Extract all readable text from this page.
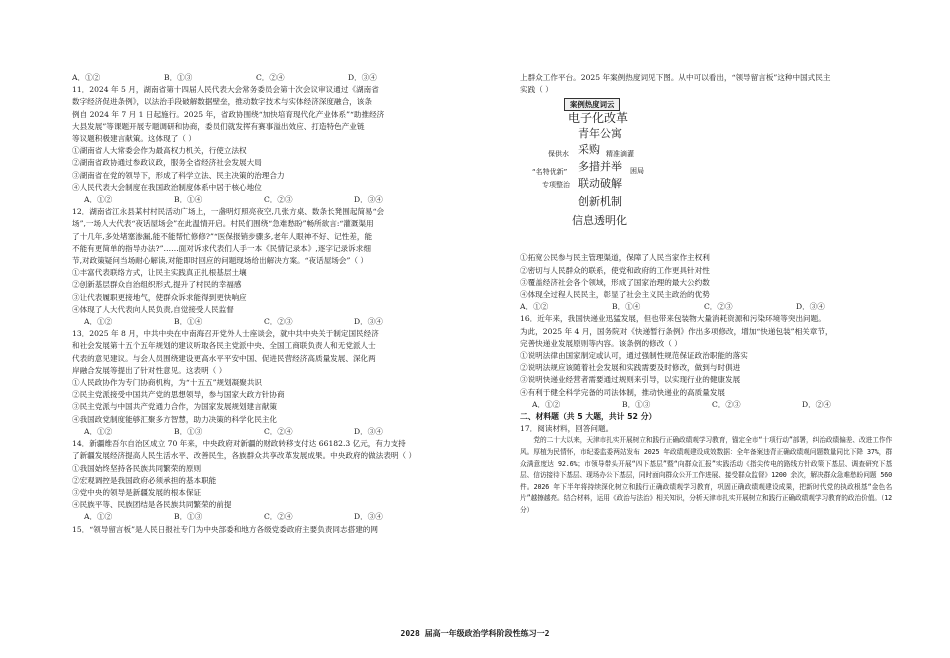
A．①②	B．①③	C．②④	D．③④
11．2024 年 5 月，湖南省第十四届人民代表大会常务委员会第十次会议审议通过《湖南省
数字经济促进条例》，以法治手段破解数据壁垒，推动数字技术与实体经济深度融合，该条
例自 2024 年 7 月 1 日起施行。2025 年，省政协围绕“加快培育现代化产业体系”“助推经济
大县发展”等课题开展专题调研和协商，委员们就发挥有赛事溢出效应、打造特色产业链
等议题积极建言献策。这体现了（ ）
①湖南省人大常委会作为最高权力机关，行使立法权
②湖南省政协通过参政议政，服务全省经济社会发展大局
③湖南省在党的领导下，形成了科学立法、民主决策的治理合力
④人民代表大会制度在我国政治制度体系中居于核心地位
A．①②	B．①④	C．②③	D．③④
12．湖南省江永县某村村民活动广场上，一盏明灯照亮夜空,几张方桌、数条长凳围起简易“会
场”,一场人大代表“夜话屋场会”在此温情开启。村民们围绕“急难愁盼”畅所欲言:“灌溉渠用
了十几年,多处堵塞渗漏,能不能帮忙修修?”“医保报销步骤多,老年人眼神不好、记性差，能
不能有更简单的指导办法?”……面对诉求代表们人手一本《民情记录本》,逐字记录诉求细
节,对政策疑问当场耐心解读,对能即时回应的问题现场给出解决方案。“夜话屋场会”（ ）
①丰富代表联络方式，让民主实践真正扎根基层土壤
②创新基层群众自治组织形式,提升了村民的幸福感
③让代表履职更接地气，使群众诉求能得到更快响应
④体现了人大代表向人民负责,自觉接受人民监督
A．①②	B．①④	C．②③	D．③④
13．2025 年 8 月，中共中央在中南海召开党外人士座谈会，就中共中央关于制定国民经济
和社会发展第十五个五年规划的建议听取各民主党派中央、全国工商联负责人和无党派人士
代表的意见建议。与会人员围绕建设更高水平平安中国、促进民营经济高质量发展、深化两
岸融合发展等提出了针对性意见。这表明（ ）
①人民政协作为专门协商机构，为“十五五”规划凝聚共识
②民主党派接受中国共产党的思想领导，参与国家大政方针协商
③民主党派与中国共产党通力合作，为国家发展规划建言献策
④我国政党制度能够汇聚多方智慧，助力决策的科学化民主化
A．①②	B．①③	C．②④	D．③④
14．新疆维吾尔自治区成立 70 年来，中央政府对新疆的财政转移支付达 66182.3 亿元，有力支持
了新疆发展经济提高人民生活水平、改善民生，各族群众共享改革发展成果。中央政府的做法表明（ ）
①我国始终坚持各民族共同繁荣的原则
②宏观调控是我国政府必须承担的基本职能
③党中央的领导是新疆发展的根本保证
④民族平等、民族团结是各民族共同繁荣的前提
A．①②	B．①③	C．②④	D．③④
15．“领导留言板”是人民日报社专门为中央部委和地方各级党委政府主要负责同志搭建的网
上群众工作平台。2025 年案例热度词见下图。从中可以看出，“领导留言板”这种中国式民主
实践（ ）
案例热度词云
电子化改革
青年公寓
保供水 采购 精准滴灌
“名特优新” 多措并举 困局
专项整治 联动破解
创新机制
信息透明化
①拓宽公民参与民主管理渠道，保障了人民当家作主权利
②密切与人民群众的联系，使党和政府的工作更具针对性
③覆盖经济社会各个领域，形成了国家治理的最大公约数
④体现全过程人民民主，彰显了社会主义民主政治的优势
A．①②	B．①④	C．②③	D．③④
16．近年来，我国快递业迅猛发展，但也带来包装物大量消耗资源和污染环境等突出问题。
为此，2025 年 4 月，国务院对《快递暂行条例》作出多项修改，增加“快递包装”相关章节，
完善快递业发展原则等内容。该条例的修改（ ）
①说明法律由国家制定或认可，通过强制性规范保证政治职能的落实
②说明法规应该随着社会发展和实践需要及时修改，做到与时俱进
③说明快递业经营者需要通过规则来引导，以实现行业的健康发展
④有利于健全科学完备的司法体制，推动快递业的高质量发展
A．①②	B．①③	C．②③	D．②④
二、材料题（共 5 大题，共计 52 分）
17．阅读材料，回答问题。
党的二十大以来，天津市扎实开展树立和践行正确政绩观学习教育，锚定全市“十项行动”部署，纠治政绩偏差、改进工作作风。厚植为民情怀，市纪委监委两站发布 2025 年政绩观建设成效数据：全年备案违背正确政绩观问题数量同比下降 37%，群众满意度达 92.6%；市领导带头开展“四下基层”暨“向群众汇报”实践活动《指尖传电的路线方针政策下基层、调查研究下基层、信访接待下基层、现场办公下基层，同时面向群众公开工作进展、接受群众监督》1200 余次，解决群众急难愁盼问题 560 件。2026 年下半年将持续深化树立和践行正确政绩观学习教育，巩固正确政绩观建设成果，把新时代党的执政根基“金色名片”越擦越亮。结合材料，运用《政治与法治》相关知识，分析天津市扎实开展树立和践行正确政绩观学习教育的政治价值。（12 分）
2028 届高一年级政治学科阶段性练习一2
